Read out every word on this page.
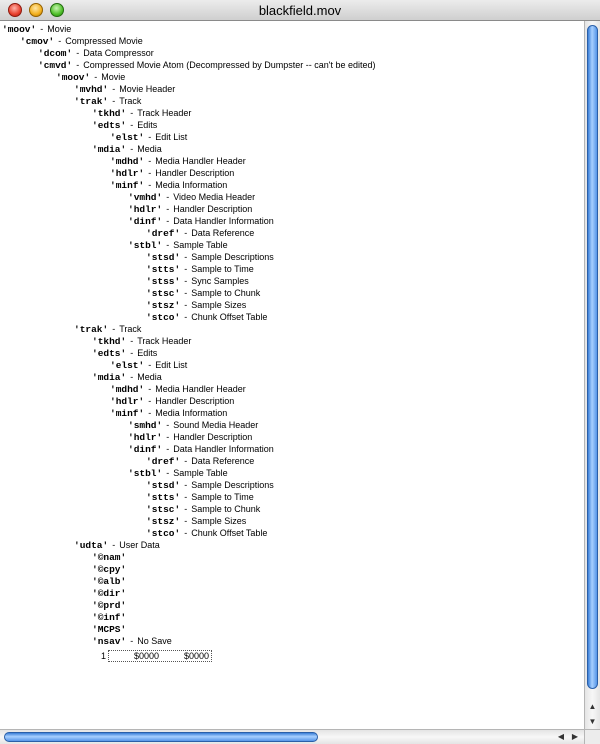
blackfield.mov
1	$0000	$0000
'moov' - Movie
'cmov' - Compressed Movie
'dcom' - Data Compressor
'cmvd' - Compressed Movie Atom (Decompressed by Dumpster -- can't be edited)
'moov' - Movie
'mvhd' - Movie Header
'trak' - Track
'tkhd' - Track Header
'edts' - Edits
'elst' - Edit List
'mdia' - Media
'mdhd' - Media Handler Header
'hdlr' - Handler Description
'minf' - Media Information
'vmhd' - Video Media Header
'hdlr' - Handler Description
'dinf' - Data Handler Information
'dref' - Data Reference
'stbl' - Sample Table
'stsd' - Sample Descriptions
'stts' - Sample to Time
'stss' - Sync Samples
'stsc' - Sample to Chunk
'stsz' - Sample Sizes
'stco' - Chunk Offset Table
'trak' - Track
'tkhd' - Track Header
'edts' - Edits
'elst' - Edit List
'mdia' - Media
'mdhd' - Media Handler Header
'hdlr' - Handler Description
'minf' - Media Information
'smhd' - Sound Media Header
'hdlr' - Handler Description
'dinf' - Data Handler Information
'dref' - Data Reference
'stbl' - Sample Table
'stsd' - Sample Descriptions
'stts' - Sample to Time
'stsc' - Sample to Chunk
'stsz' - Sample Sizes
'stco' - Chunk Offset Table
'udta' - User Data
'©nam'
'©cpy'
'©alb'
'©dir'
'©prd'
'©inf'
'MCPS'
'nsav' - No Save
▲
▼
◀ ▶
